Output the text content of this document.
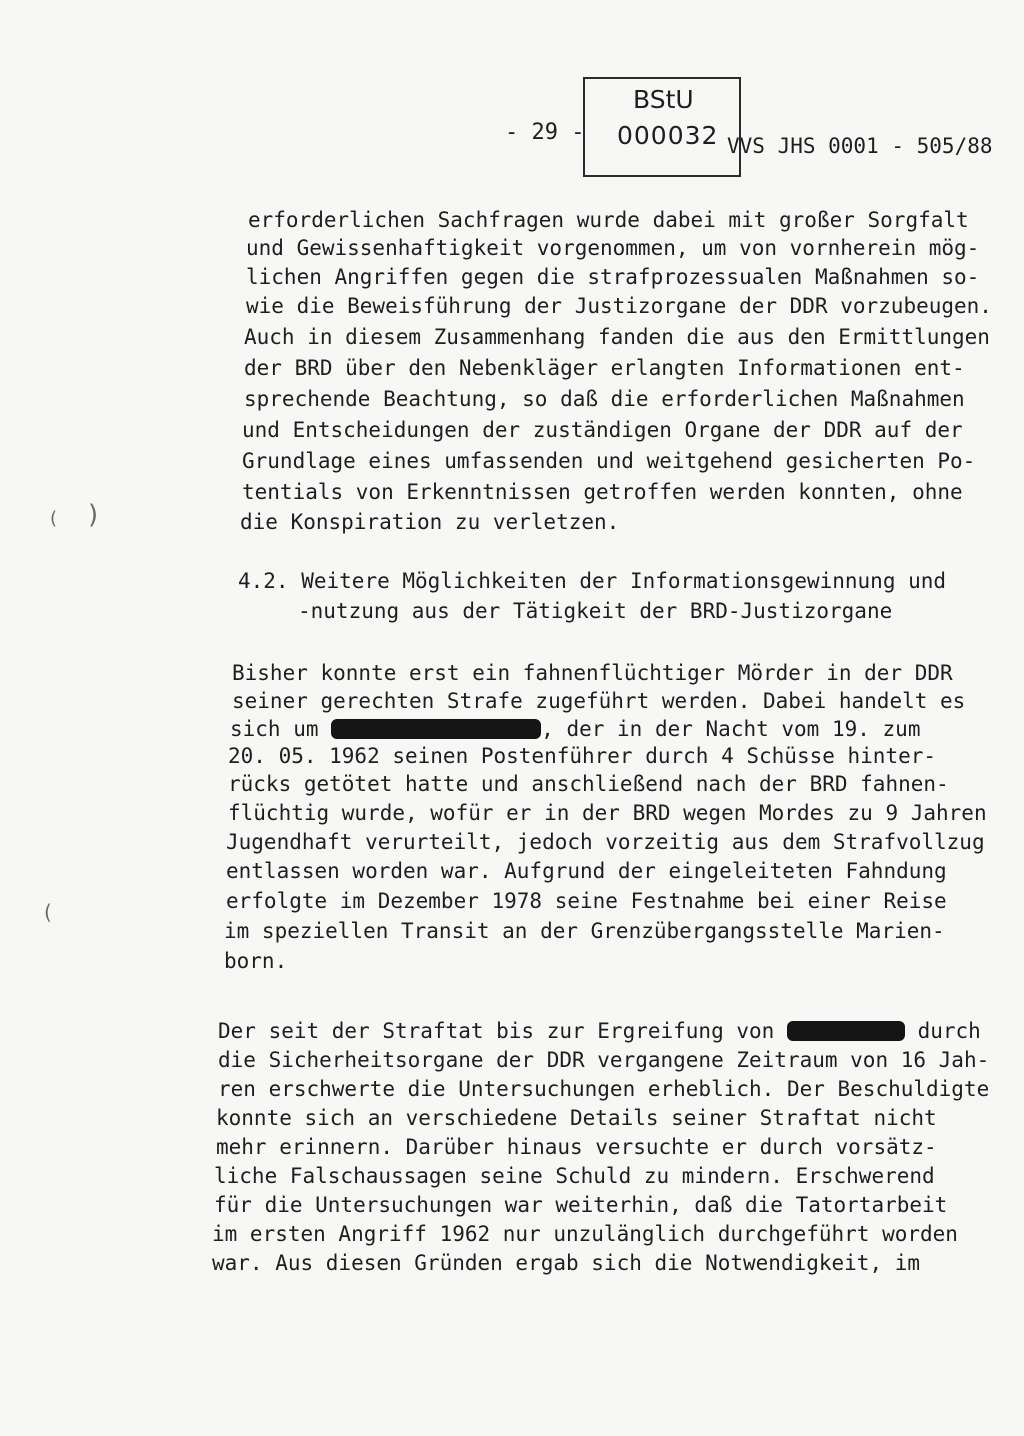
- 29 -
BStU
000032 VVS JHS 0001 - 505/88
erforderlichen Sachfragen wurde dabei mit großer Sorgfalt
und Gewissenhaftigkeit vorgenommen, um von vornherein mög-
lichen Angriffen gegen die strafprozessualen Maßnahmen so-
wie die Beweisführung der Justizorgane der DDR vorzubeugen.
Auch in diesem Zusammenhang fanden die aus den Ermittlungen
der BRD über den Nebenkläger erlangten Informationen ent-
sprechende Beachtung, so daß die erforderlichen Maßnahmen
und Entscheidungen der zuständigen Organe der DDR auf der
Grundlage eines umfassenden und weitgehend gesicherten Po-
tentials von Erkenntnissen getroffen werden konnten, ohne
die Konspiration zu verletzen.
4.2. Weitere Möglichkeiten der Informationsgewinnung und
-nutzung aus der Tätigkeit der BRD-Justizorgane
Bisher konnte erst ein fahnenflüchtiger Mörder in der DDR
seiner gerechten Strafe zugeführt werden. Dabei handelt es
sich um	, der in der Nacht vom 19. zum
20. 05. 1962 seinen Postenführer durch 4 Schüsse hinter-
rücks getötet hatte und anschließend nach der BRD fahnen-
flüchtig wurde, wofür er in der BRD wegen Mordes zu 9 Jahren
Jugendhaft verurteilt, jedoch vorzeitig aus dem Strafvollzug
entlassen worden war. Aufgrund der eingeleiteten Fahndung
erfolgte im Dezember 1978 seine Festnahme bei einer Reise
im speziellen Transit an der Grenzübergangsstelle Marien-
born.
Der seit der Straftat bis zur Ergreifung von	durch
die Sicherheitsorgane der DDR vergangene Zeitraum von 16 Jah-
ren erschwerte die Untersuchungen erheblich. Der Beschuldigte
konnte sich an verschiedene Details seiner Straftat nicht
mehr erinnern. Darüber hinaus versuchte er durch vorsätz-
liche Falschaussagen seine Schuld zu mindern. Erschwerend
für die Untersuchungen war weiterhin, daß die Tatortarbeit
im ersten Angriff 1962 nur unzulänglich durchgeführt worden
war. Aus diesen Gründen ergab sich die Notwendigkeit, im
)
(
(
